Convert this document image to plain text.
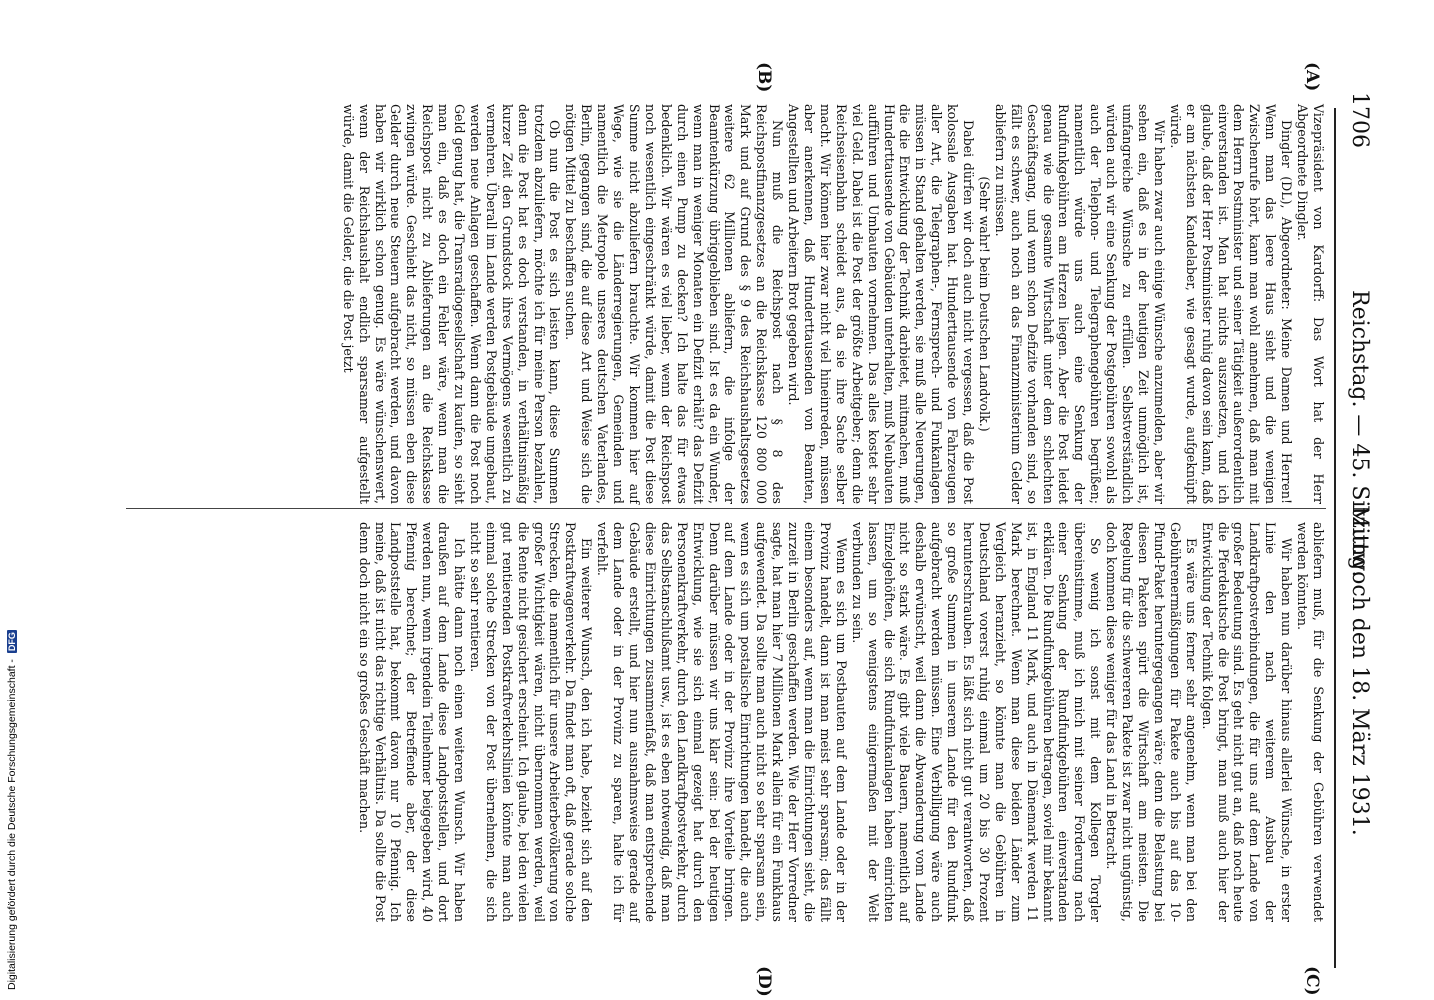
1706
Reichstag. — 45. Sitzung.
Mittwoch den 18. März 1931.
(A)
(B)
(C)
(D)

Vizepräsident von Kardorff: Das Wort hat der Herr Abgeordnete Dingler.

Dingler (DL), Abgeordneter: Meine Damen und Herren! Wenn man das leere Haus sieht und die wenigen Zwischenrufe hört, kann man wohl annehmen, daß man mit dem Herrn Postminister und seiner Tätigkeit außerordentlich einverstanden ist. Man hat nichts auszusetzen, und ich glaube, daß der Herr Postminister ruhig davon sein kann, daß er am nächsten Kandelaber, wie gesagt wurde, aufgeknüpft würde.

Wir haben zwar auch einige Wünsche anzumelden, aber wir sehen ein, daß es in der heutigen Zeit unmöglich ist, umfangreiche Wünsche zu erfüllen. Selbstverständlich würden auch wir eine Senkung der Postgebühren sowohl als auch der Telephon- und Telegraphengebühren begrüßen; namentlich würde uns auch eine Senkung der Rundfunkgebühren am Herzen liegen. Aber die Post leidet genau wie die gesamte Wirtschaft unter dem schlechten Geschäftsgang, und wenn schon Defizite vorhanden sind, so fällt es schwer, auch noch an das Finanzministerium Gelder abliefern zu müssen.

(Sehr wahr! beim Deutschen Landvolk.)

Dabei dürfen wir doch auch nicht vergessen, daß die Post kolossale Ausgaben hat. Hunderttausende von Fahrzeugen aller Art, die Telegraphen-, Fernsprech- und Funkanlagen müssen in Stand gehalten werden, sie muß alle Neuerungen, die die Entwicklung der Technik darbietet, mitmachen, muß Hunderttausende von Gebäuden unterhalten, muß Neubauten aufführen und Umbauten vornehmen. Das alles kostet sehr viel Geld. Dabei ist die Post der größte Arbeitgeber; denn die Reichseisenbahn scheidet aus, da sie ihre Sache selber macht. Wir können hier zwar nicht viel hineinreden, müssen aber anerkennen, daß Hunderttausenden von Beamten, Angestellten und Arbeitern Brot gegeben wird.

Nun muß die Reichspost nach § 8 des Reichspostfinanzgesetzes an die Reichskasse 120 800 000 Mark und auf Grund des § 9 des Reichshaushaltsgesetzes weitere 62 Millionen abliefern, die infolge der Beamtenkürzung übriggeblieben sind. Ist es da ein Wunder, wenn man in weniger Monaten ein Defizit erhält? das Defizit durch einen Pump zu decken? Ich halte das für etwas bedenklich. Wir wären es viel lieber, wenn der Reichspost noch wesentlich eingeschränkt würde, damit die Post diese Summe nicht abzuliefern brauchte. Wir kommen hier auf Wege, wie sie die Länderregierungen, Gemeinden und namentlich die Metropole unseres deutschen Vaterlandes, Berlin, gegangen sind, die auf diese Art und Weise sich die nötigen Mittel zu beschaffen suchen.

Ob nun die Post es sich leisten kann, diese Summen trotzdem abzuliefern, möchte ich für meine Person bezahlen, denn die Post hat es doch verstanden, in verhältnismäßig kurzer Zeit den Grundstock ihres Vermögens wesentlich zu vermehren. Überall im Lande werden Postgebäude umgebaut, werden neue Anlagen geschaffen. Wenn dann die Post noch Geld genug hat, die Transradiogesellschaft zu kaufen, so sieht man ein, daß es doch ein Fehler wäre, wenn man die Reichspost nicht zu Ablieferungen an die Reichskasse zwingen würde. Geschieht das nicht, so müssen eben diese Gelder durch neue Steuern aufgebracht werden, und davon haben wir wirklich schon genug. Es wäre wünschenswert, wenn der Reichshaushalt endlich sparsamer aufgestellt würde, damit die Gelder, die die Post jetzt

abliefern muß, für die Senkung der Gebühren verwendet werden könnten.

Wir haben nun darüber hinaus allerlei Wünsche, in erster Linie den nach weiterem Ausbau der Landkraftpostverbindungen, die für uns auf dem Lande von großer Bedeutung sind. Es geht nicht gut an, daß noch heute die Pferdekutsche die Post bringt, man muß auch hier der Entwicklung der Technik folgen.

Es wäre uns ferner sehr angenehm, wenn man bei den Gebührenermäßigungen für Pakete auch bis auf das 10-Pfund-Paket heruntergegangen wäre; denn die Belastung bei diesen Paketen spürt die Wirtschaft am meisten. Die Regelung für die schwereren Pakete ist zwar nicht ungünstig, doch kommen diese weniger für das Land in Betracht.

So wenig ich sonst mit dem Kollegen Torgler übereinstimme, muß ich mich mit seiner Forderung nach einer Senkung der Rundfunkgebühren einverstanden erklären. Die Rundfunkgebühren betragen, soviel mir bekannt ist, in England 11 Mark, und auch in Dänemark werden 11 Mark berechnet. Wenn man diese beiden Länder zum Vergleich heranzieht, so könnte man die Gebühren in Deutschland vorerst ruhig einmal um 20 bis 30 Prozent herunterschrauben. Es läßt sich nicht gut verantworten, daß so große Summen in unserem Lande für den Rundfunk aufgebracht werden müssen. Eine Verbilligung wäre auch deshalb erwünscht, weil dann die Abwanderung vom Lande nicht so stark wäre. Es gibt viele Bauern, namentlich auf Einzelgehöften, die sich Rundfunkanlagen haben einrichten lassen, um so wenigstens einigermaßen mit der Welt verbunden zu sein.

Wenn es sich um Postbauten auf dem Lande oder in der Provinz handelt, dann ist man meist sehr sparsam; das fällt einem besonders auf, wenn man die Einrichtungen sieht, die zurzeit in Berlin geschaffen werden. Wie der Herr Vorredner sagte, hat man hier 7 Millionen Mark allein für ein Funkhaus aufgewendet. Da sollte man auch nicht so sehr sparsam sein, wenn es sich um postalische Einrichtungen handelt, die auch auf dem Lande oder in der Provinz ihre Vorteile bringen. Denn darüber müssen wir uns klar sein: bei der heutigen Entwicklung, wie sie sich einmal gezeigt hat durch den Personenkraftverkehr, durch den Landkraftpostverkehr, durch das Selbstanschlußamt usw., ist es eben notwendig, daß man diese Einrichtungen zusammenfaßt, daß man entsprechende Gebäude erstellt, und hier nun ausnahmsweise gerade auf dem Lande oder in der Provinz zu sparen, halte ich für verfehlt.

Ein weiterer Wunsch, den ich habe, bezieht sich auf den Postkraftwagenverkehr. Da findet man oft, daß gerade solche Strecken, die namentlich für unsere Arbeiterbevölkerung von großer Wichtigkeit wären, nicht übernommen werden, weil die Rente nicht gesichert erscheint. Ich glaube, bei den vielen gut rentierenden Postkraftverkehrslinien könnte man auch einmal solche Strecken von der Post übernehmen, die sich nicht so sehr rentieren.

Ich hätte dann noch einen weiteren Wunsch. Wir haben draußen auf dem Lande diese Landpoststellen, und dort werden nun, wenn irgendein Teilnehmer beigegeben wird, 40 Pfennig berechnet; der Betreffende aber, der diese Landpoststelle hat, bekommt davon nur 10 Pfennig. Ich meine, daß ist nicht das richtige Verhältnis. Da sollte die Post denn doch nicht ein so großes Geschäft machen.

Digitalisierung gefördert durch die Deutsche Forschungsgemeinschaft - DFG
